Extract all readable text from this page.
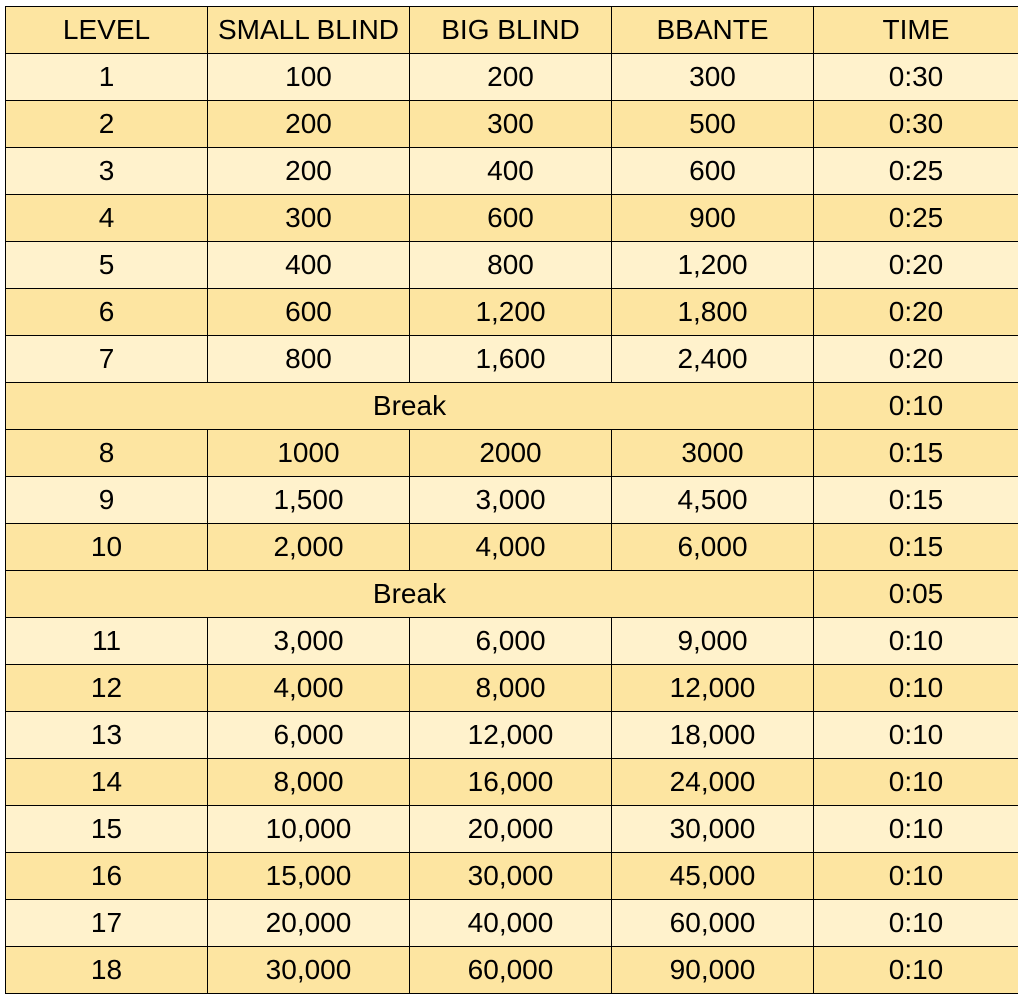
LEVEL	SMALL BLIND	BIG BLIND	BBANTE	TIME
1	100	200	300	0:30
2	200	300	500	0:30
3	200	400	600	0:25
4	300	600	900	0:25
5	400	800	1,200	0:20
6	600	1,200	1,800	0:20
7	800	1,600	2,400	0:20
Break				0:10
8	1000	2000	3000	0:15
9	1,500	3,000	4,500	0:15
10	2,000	4,000	6,000	0:15
Break				0:05
11	3,000	6,000	9,000	0:10
12	4,000	8,000	12,000	0:10
13	6,000	12,000	18,000	0:10
14	8,000	16,000	24,000	0:10
15	10,000	20,000	30,000	0:10
16	15,000	30,000	45,000	0:10
17	20,000	40,000	60,000	0:10
18	30,000	60,000	90,000	0:10
